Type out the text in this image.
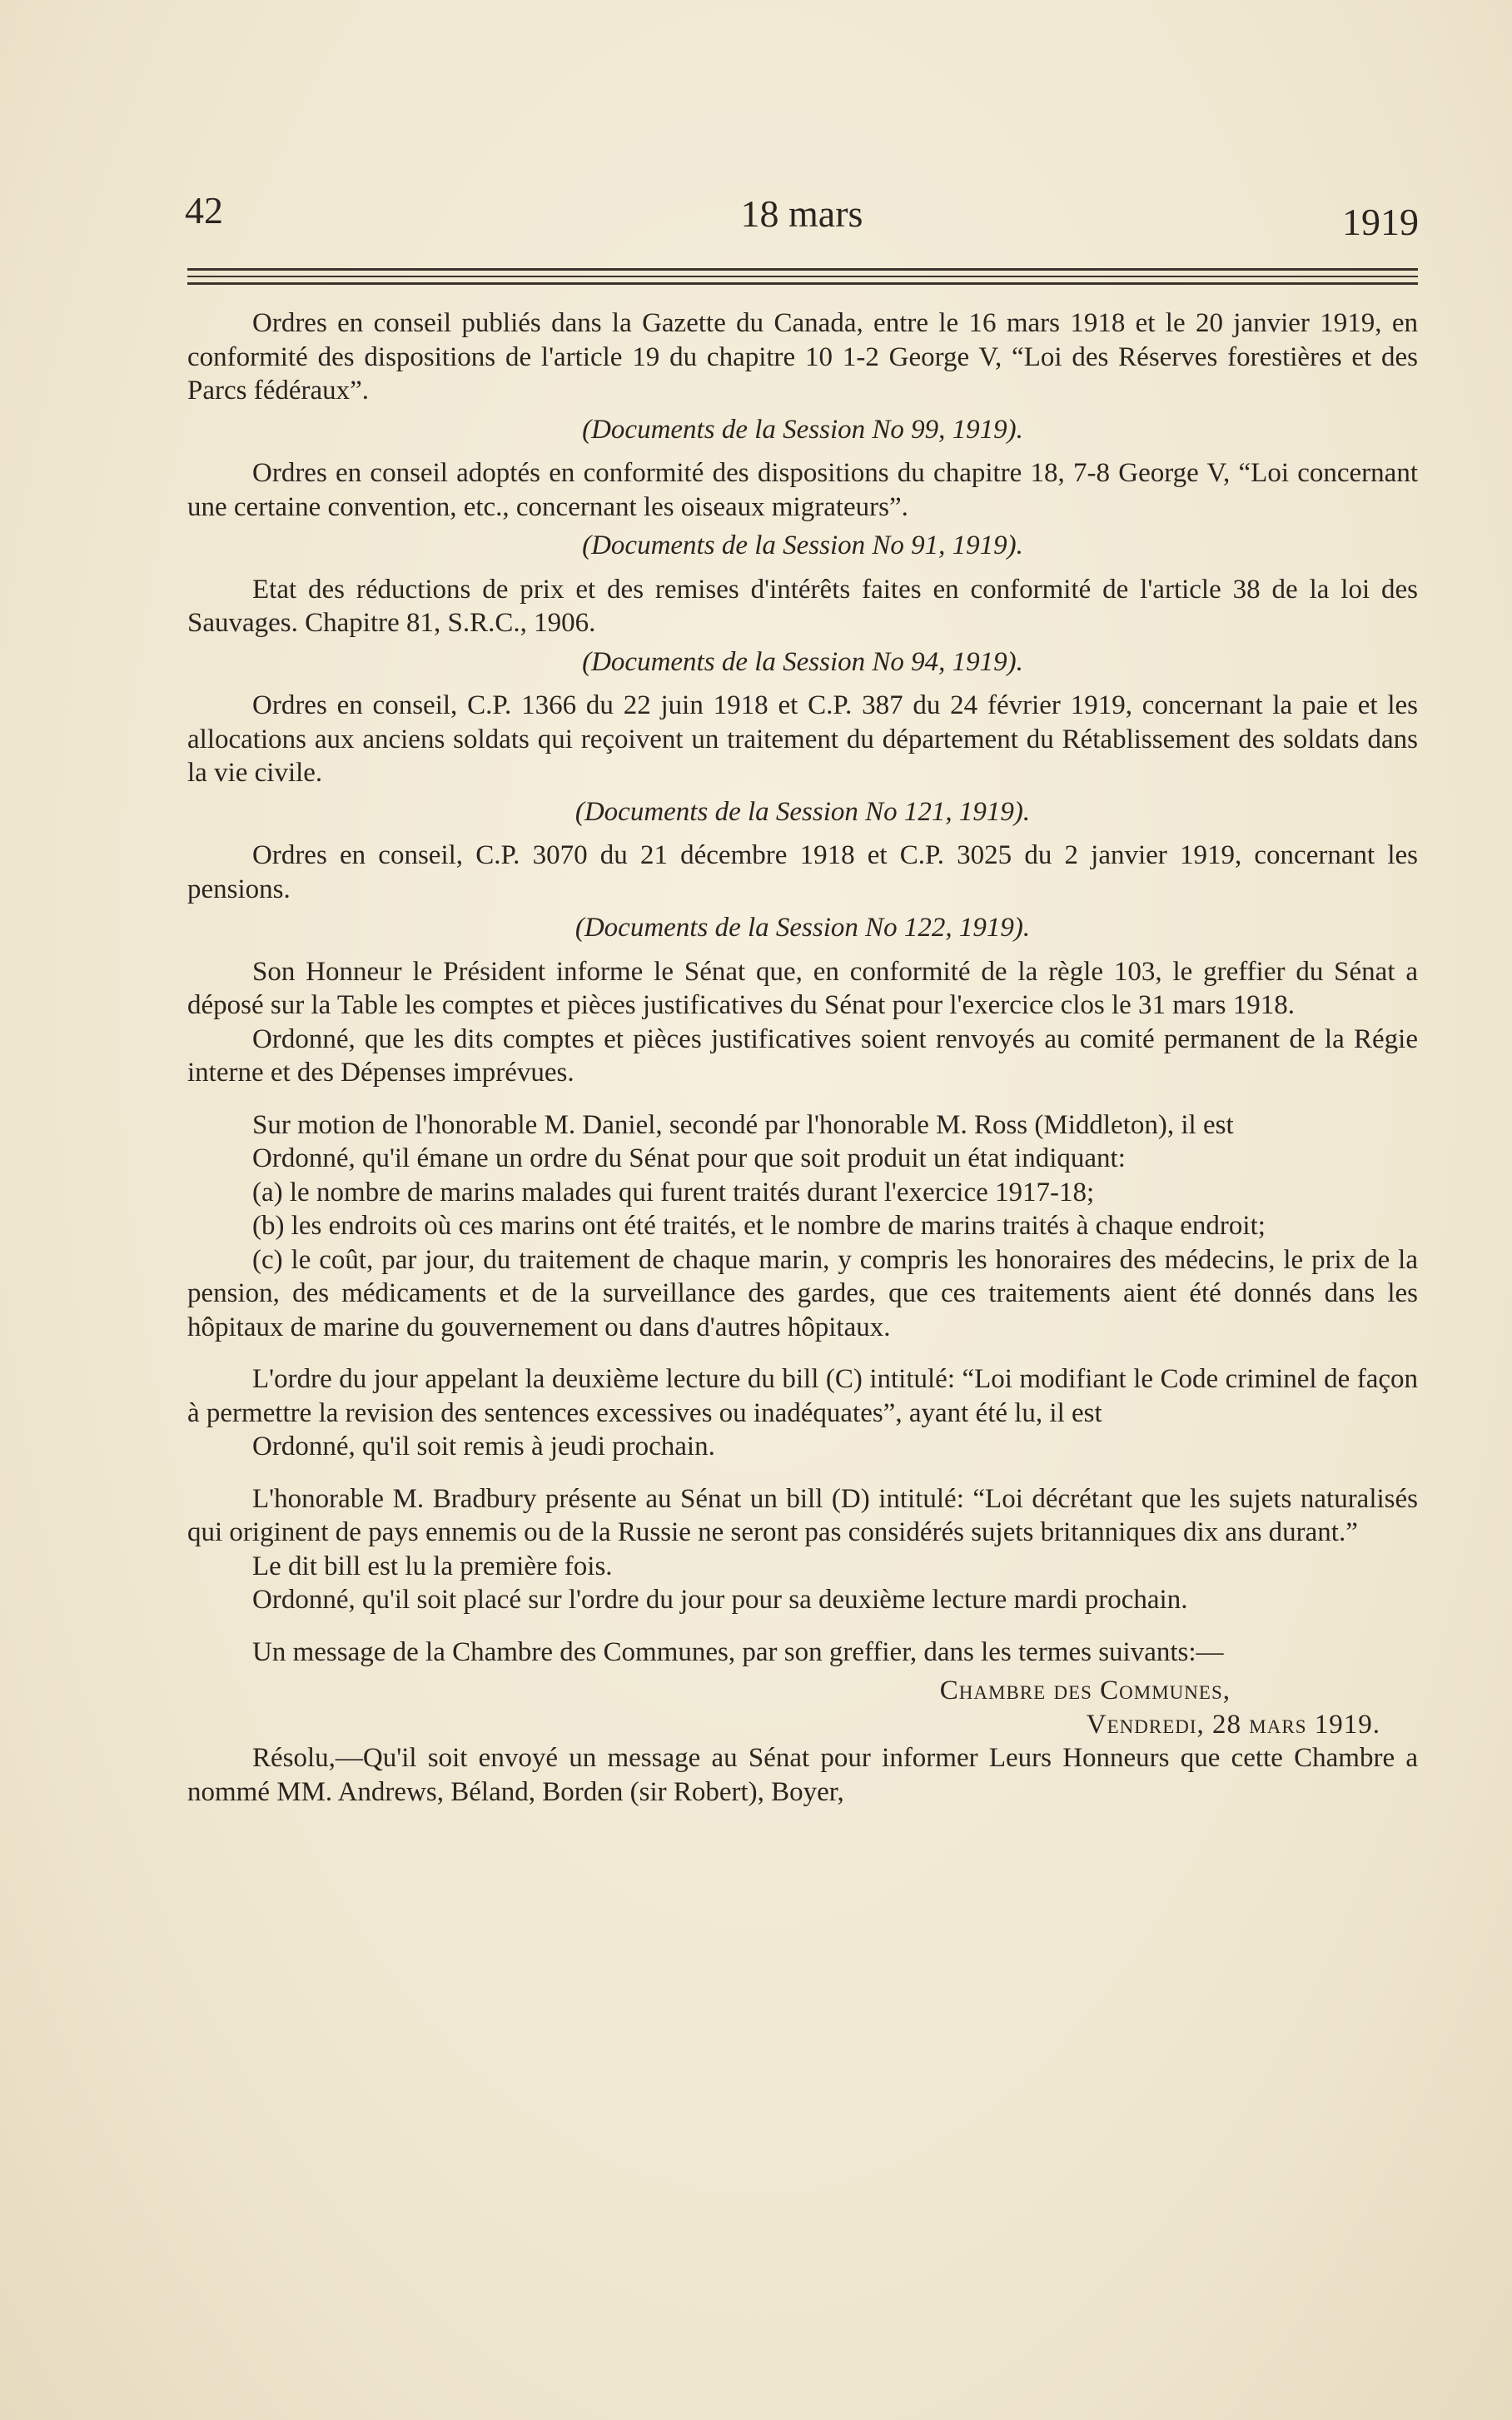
42	18 mars	1919

Ordres en conseil publiés dans la Gazette du Canada, entre le 16 mars 1918 et le 20 janvier 1919, en conformité des dispositions de l'article 19 du chapitre 10 1-2 George V, “Loi des Réserves forestières et des Parcs fédéraux”.

(Documents de la Session No 99, 1919).

Ordres en conseil adoptés en conformité des dispositions du chapitre 18, 7-8 George V, “Loi concernant une certaine convention, etc., concernant les oiseaux migrateurs”.

(Documents de la Session No 91, 1919).

Etat des réductions de prix et des remises d'intérêts faites en conformité de l'article 38 de la loi des Sauvages. Chapitre 81, S.R.C., 1906.

(Documents de la Session No 94, 1919).

Ordres en conseil, C.P. 1366 du 22 juin 1918 et C.P. 387 du 24 février 1919, concernant la paie et les allocations aux anciens soldats qui reçoivent un traitement du département du Rétablissement des soldats dans la vie civile.

(Documents de la Session No 121, 1919).

Ordres en conseil, C.P. 3070 du 21 décembre 1918 et C.P. 3025 du 2 janvier 1919, concernant les pensions.

(Documents de la Session No 122, 1919).

Son Honneur le Président informe le Sénat que, en conformité de la règle 103, le greffier du Sénat a déposé sur la Table les comptes et pièces justificatives du Sénat pour l'exercice clos le 31 mars 1918.

Ordonné, que les dits comptes et pièces justificatives soient renvoyés au comité permanent de la Régie interne et des Dépenses imprévues.

Sur motion de l'honorable M. Daniel, secondé par l'honorable M. Ross (Middleton), il est

Ordonné, qu'il émane un ordre du Sénat pour que soit produit un état indiquant:

(a) le nombre de marins malades qui furent traités durant l'exercice 1917-18;

(b) les endroits où ces marins ont été traités, et le nombre de marins traités à chaque endroit;

(c) le coût, par jour, du traitement de chaque marin, y compris les honoraires des médecins, le prix de la pension, des médicaments et de la surveillance des gardes, que ces traitements aient été donnés dans les hôpitaux de marine du gouvernement ou dans d'autres hôpitaux.

L'ordre du jour appelant la deuxième lecture du bill (C) intitulé: “Loi modifiant le Code criminel de façon à permettre la revision des sentences excessives ou inadéquates”, ayant été lu, il est

Ordonné, qu'il soit remis à jeudi prochain.

L'honorable M. Bradbury présente au Sénat un bill (D) intitulé: “Loi décrétant que les sujets naturalisés qui originent de pays ennemis ou de la Russie ne seront pas considérés sujets britanniques dix ans durant.”

Le dit bill est lu la première fois.

Ordonné, qu'il soit placé sur l'ordre du jour pour sa deuxième lecture mardi prochain.

Un message de la Chambre des Communes, par son greffier, dans les termes suivants:—

Chambre des Communes,

Vendredi, 28 mars 1919.

Résolu,—Qu'il soit envoyé un message au Sénat pour informer Leurs Honneurs que cette Chambre a nommé MM. Andrews, Béland, Borden (sir Robert), Boyer,
